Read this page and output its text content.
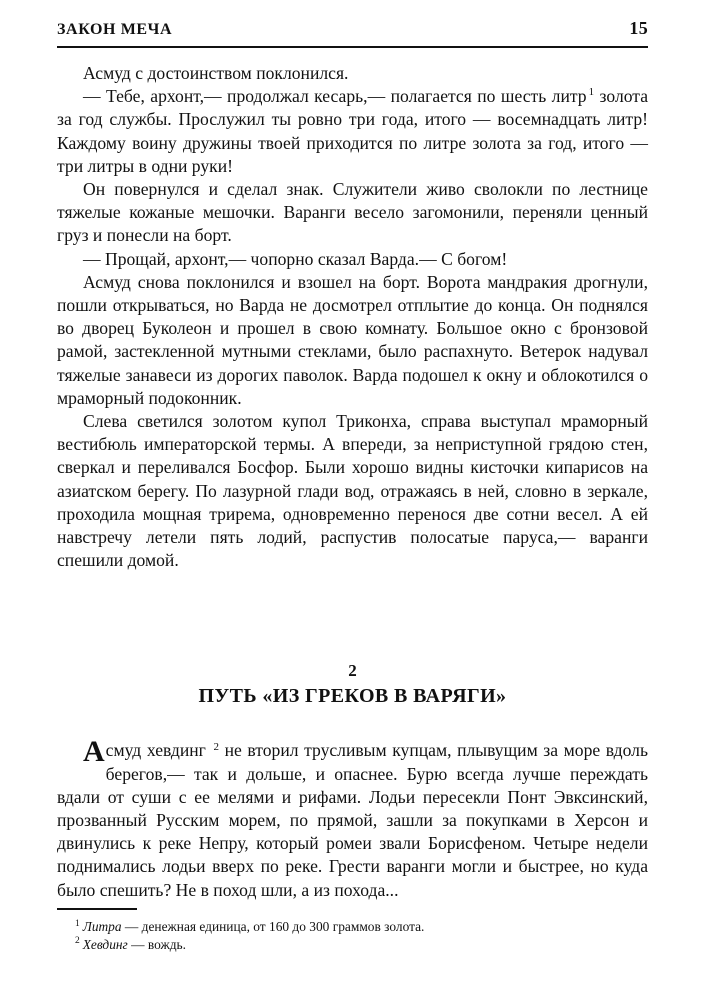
ЗАКОН МЕЧА	15

Асмуд с достоинством поклонился.

— Тебе, архонт,— продолжал кесарь,— полагается по шесть литр $^1$ золота за год службы. Прослужил ты ровно три года, итого — восемнадцать литр! Каждому воину дружины твоей приходится по литре золота за год, итого — три литры в одни руки!

Он повернулся и сделал знак. Служители живо сволокли по лестнице тяжелые кожаные мешочки. Варанги весело загомонили, переняли ценный груз и понесли на борт.

— Прощай, архонт,— чопорно сказал Варда.— С богом!

Асмуд снова поклонился и взошел на борт. Ворота мандракия дрогнули, пошли открываться, но Варда не досмотрел отплытие до конца. Он поднялся во дворец Буколеон и прошел в свою комнату. Большое окно с бронзовой рамой, застекленной мутными стеклами, было распахнуто. Ветерок надувал тяжелые занавеси из дорогих паволок. Варда подошел к окну и облокотился о мраморный подоконник.

Слева светился золотом купол Триконха, справа выступал мраморный вестибюль императорской термы. А впереди, за неприступной грядою стен, сверкал и переливался Босфор. Были хорошо видны кисточки кипарисов на азиатском берегу. По лазурной глади вод, отражаясь в ней, словно в зеркале, проходила мощная трирема, одновременно перенося две сотни весел. А ей навстречу летели пять лодий, распустив полосатые паруса,— варанги спешили домой.

2
ПУТЬ «ИЗ ГРЕКОВ В ВАРЯГИ»

Асмуд хевдинг $^2$ не вторил трусливым купцам, плывущим за море вдоль берегов,— так и дольше, и опаснее. Бурю всегда лучше переждать вдали от суши с ее мелями и рифами. Лодьи пересекли Понт Эвксинский, прозванный Русским морем, по прямой, зашли за покупками в Херсон и двинулись к реке Непру, который ромеи звали Борисфеном. Четыре недели поднимались лодьи вверх по реке. Грести варанги могли и быстрее, но куда было спешить? Не в поход шли, а из похода...

$^1$ Литра — денежная единица, от 160 до 300 граммов золота.
$^2$ Хевдинг — вождь.
